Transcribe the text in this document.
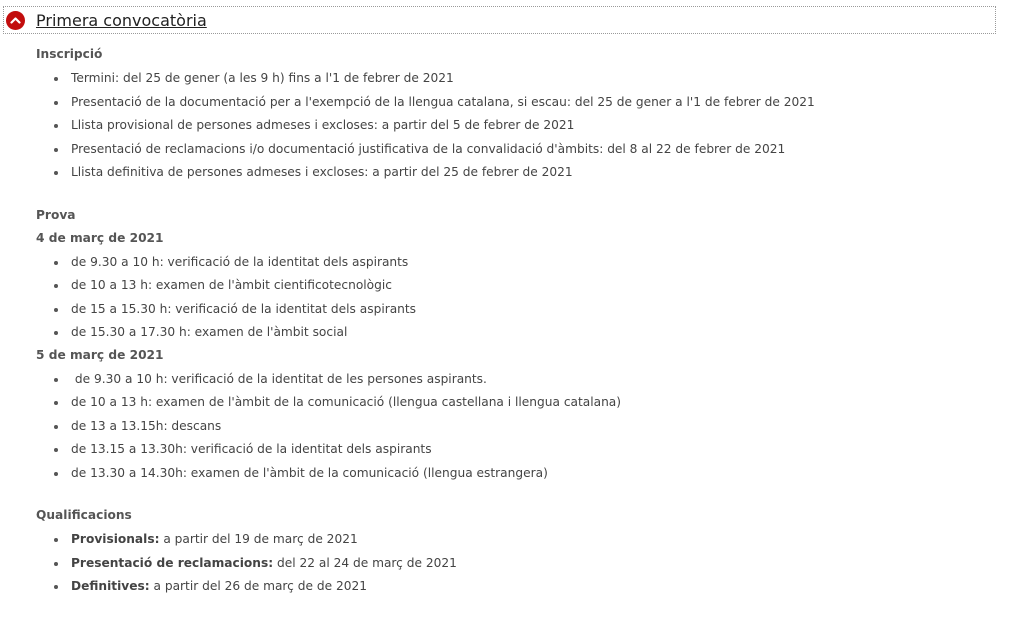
Primera convocatòria
Inscripció
Termini: del 25 de gener (a les 9 h) fins a l'1 de febrer de 2021
Presentació de la documentació per a l'exempció de la llengua catalana, si escau: del 25 de gener a l'1 de febrer de 2021
Llista provisional de persones admeses i excloses: a partir del 5 de febrer de 2021
Presentació de reclamacions i/o documentació justificativa de la convalidació d'àmbits: del 8 al 22 de febrer de 2021
Llista definitiva de persones admeses i excloses: a partir del 25 de febrer de 2021
Prova
4 de març de 2021
de 9.30 a 10 h: verificació de la identitat dels aspirants
de 10 a 13 h: examen de l'àmbit cientificotecnològic
de 15 a 15.30 h: verificació de la identitat dels aspirants
de 15.30 a 17.30 h: examen de l'àmbit social
5 de març de 2021
de 9.30 a 10 h: verificació de la identitat de les persones aspirants.
de 10 a 13 h: examen de l'àmbit de la comunicació (llengua castellana i llengua catalana)
de 13 a 13.15h: descans
de 13.15 a 13.30h: verificació de la identitat dels aspirants
de 13.30 a 14.30h: examen de l'àmbit de la comunicació (llengua estrangera)
Qualificacions
Provisionals: a partir del 19 de març de 2021
Presentació de reclamacions: del 22 al 24 de març de 2021
Definitives: a partir del 26 de març de de 2021
